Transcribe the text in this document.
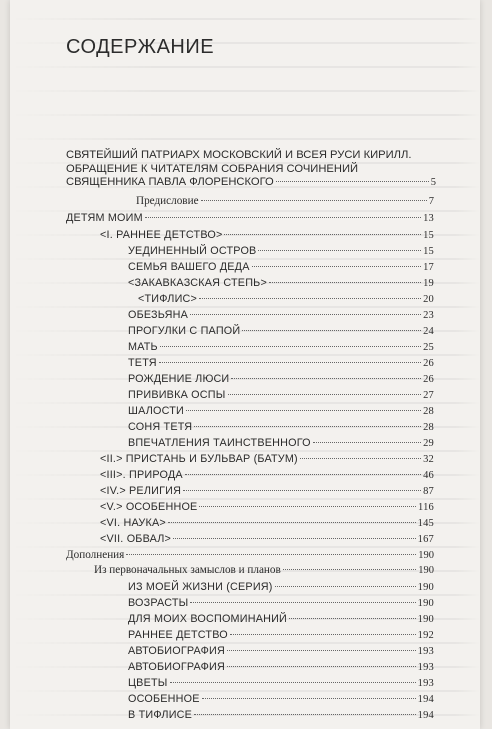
СОДЕРЖАНИЕ
СВЯТЕЙШИЙ ПАТРИАРХ МОСКОВСКИЙ И ВСЕЯ РУСИ КИРИЛЛ.
ОБРАЩЕНИЕ К ЧИТАТЕЛЯМ СОБРАНИЯ СОЧИНЕНИЙ
СВЯЩЕННИКА ПАВЛА ФЛОРЕНСКОГО	5
Предисловие	7
ДЕТЯМ МОИМ	13
<I. РАННЕЕ ДЕТСТВО>	15
УЕДИНЕННЫЙ ОСТРОВ	15
СЕМЬЯ ВАШЕГО ДЕДА	17
<ЗАКАВКАЗСКАЯ СТЕПЬ>	19
<ТИФЛИС>	20
ОБЕЗЬЯНА	23
ПРОГУЛКИ С ПАПОЙ	24
МАТЬ	25
ТЕТЯ	26
РОЖДЕНИЕ ЛЮСИ	26
ПРИВИВКА ОСПЫ	27
ШАЛОСТИ	28
СОНЯ ТЕТЯ	28
ВПЕЧАТЛЕНИЯ ТАИНСТВЕННОГО	29
<II.> ПРИСТАНЬ И БУЛЬВАР (БАТУМ)	32
<III>. ПРИРОДА	46
<IV.> РЕЛИГИЯ	87
<V.> ОСОБЕННОЕ	116
<VI. НАУКА>	145
<VII. ОБВАЛ>	167
Дополнения	190
Из первоначальных замыслов и планов	190
ИЗ МОЕЙ ЖИЗНИ (СЕРИЯ)	190
ВОЗРАСТЫ	190
ДЛЯ МОИХ ВОСПОМИНАНИЙ	190
РАННЕЕ ДЕТСТВО	192
АВТОБИОГРАФИЯ	193
АВТОБИОГРАФИЯ	193
ЦВЕТЫ	193
ОСОБЕННОЕ	194
В ТИФЛИСЕ	194
